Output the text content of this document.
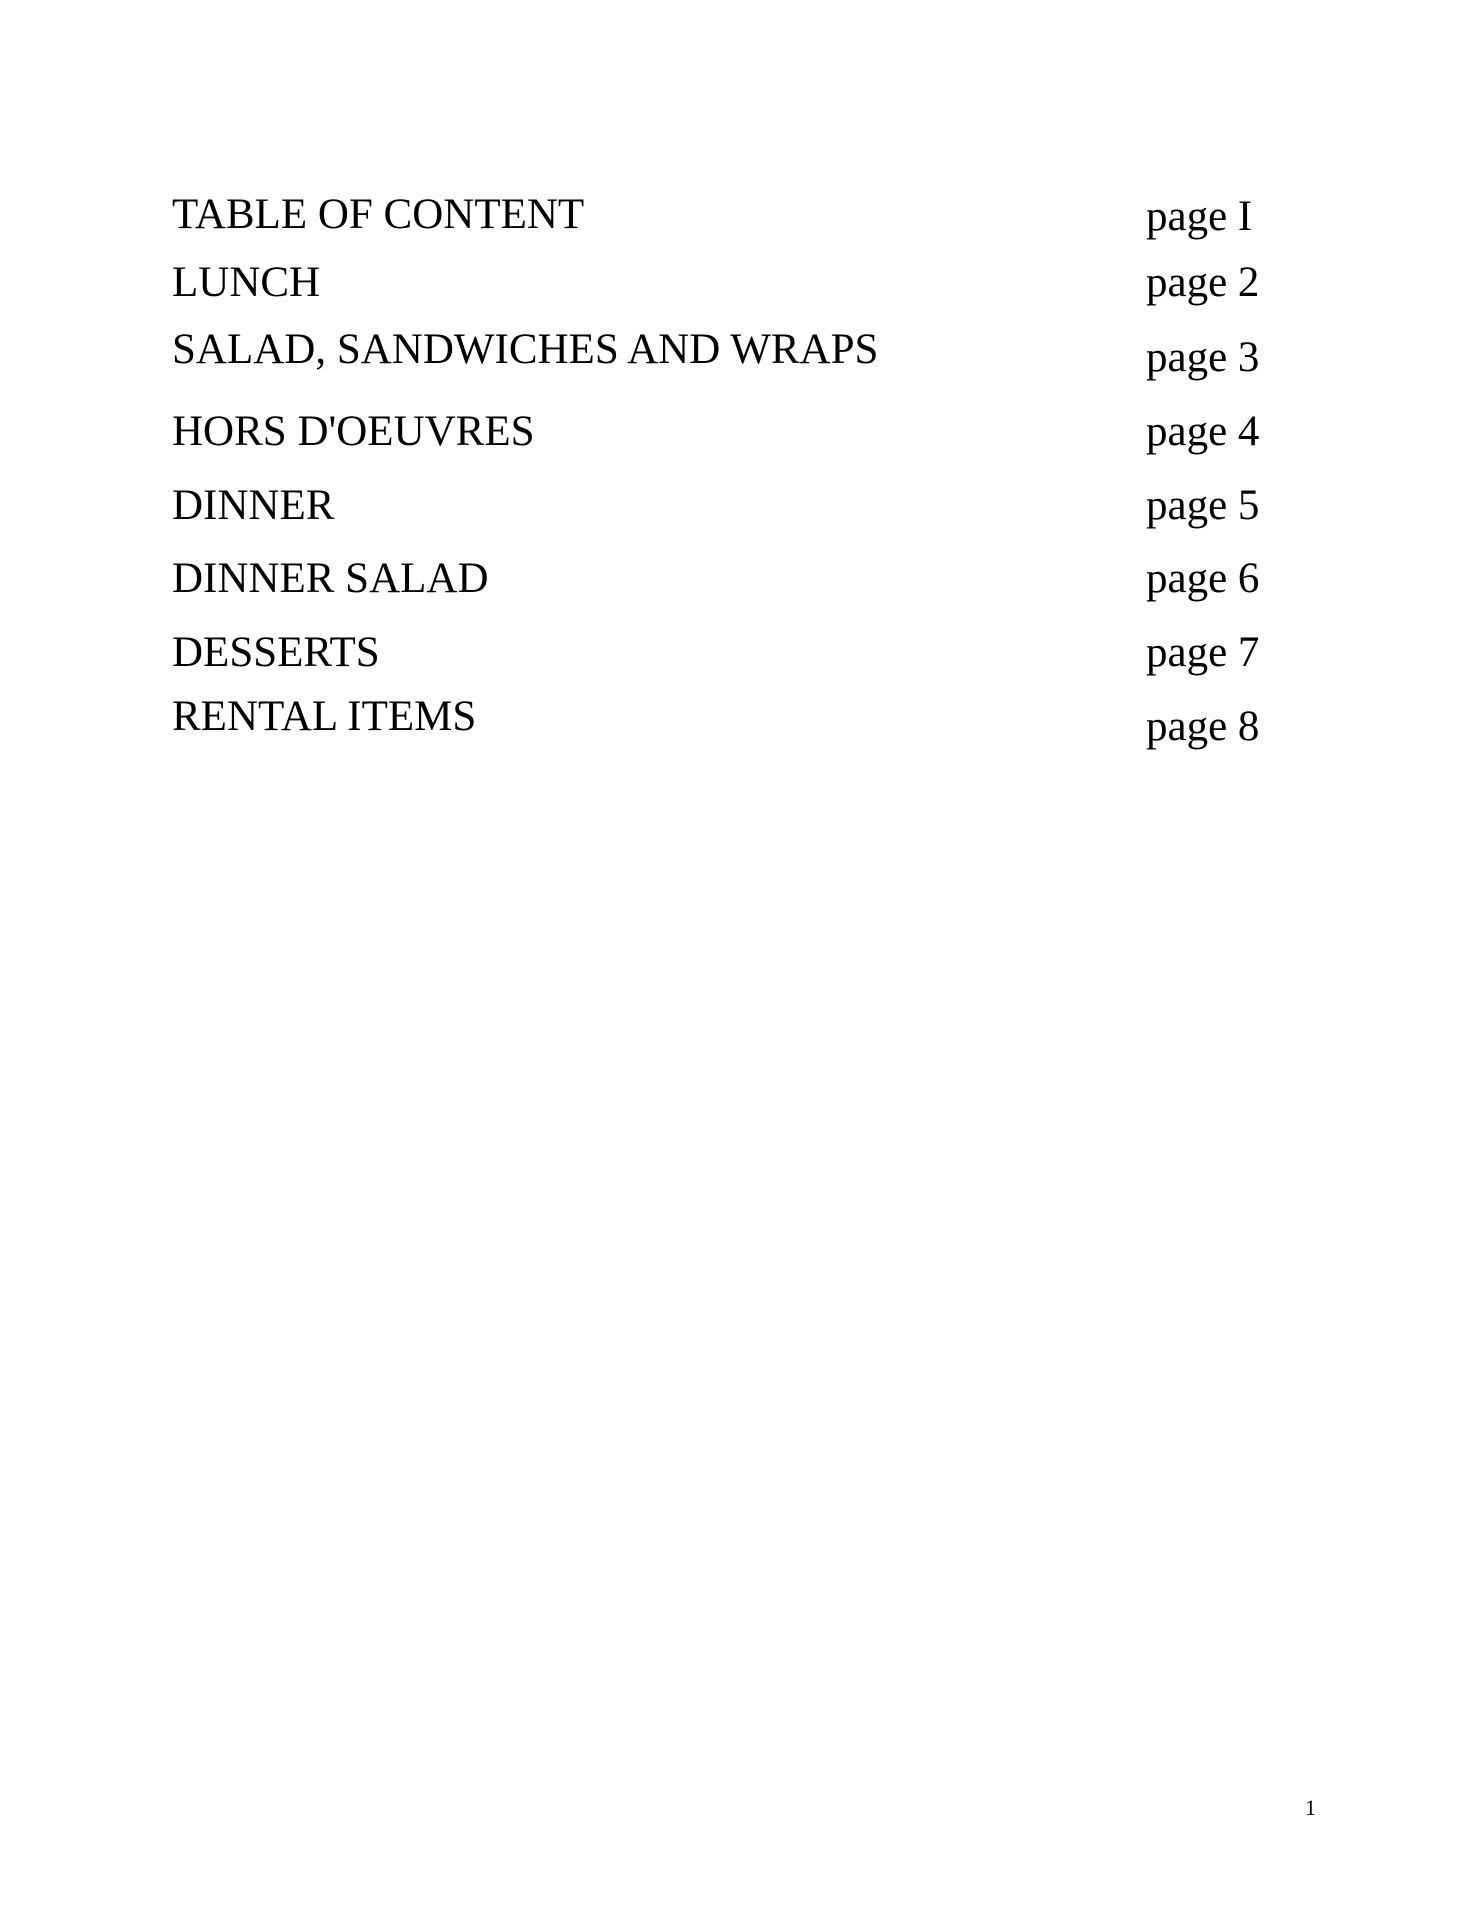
TABLE OF CONTENT	page I
LUNCH	page 2
SALAD, SANDWICHES AND WRAPS	page 3
HORS D'OEUVRES	page 4
DINNER	page 5
DINNER SALAD	page 6
DESSERTS	page 7
RENTAL ITEMS	page 8
1
